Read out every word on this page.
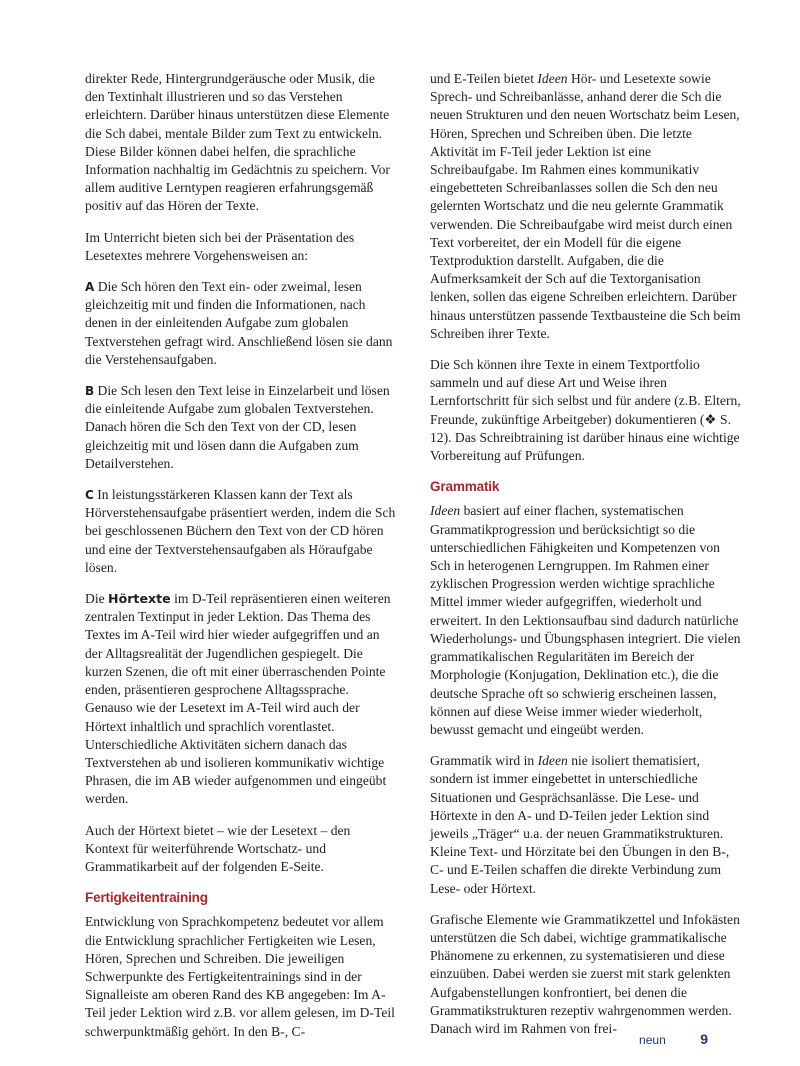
direkter Rede, Hintergrundgeräusche oder Musik, die den Textinhalt illustrieren und so das Verstehen erleichtern. Darüber hinaus unterstützen diese Elemente die Sch dabei, mentale Bilder zum Text zu entwickeln. Diese Bilder können dabei helfen, die sprachliche Information nachhaltig im Gedächtnis zu speichern. Vor allem auditive Lerntypen reagieren erfahrungsgemäß positiv auf das Hören der Texte.

Im Unterricht bieten sich bei der Präsentation des Lesetextes mehrere Vorgehensweisen an:

A Die Sch hören den Text ein- oder zweimal, lesen gleichzeitig mit und finden die Informationen, nach denen in der einleitenden Aufgabe zum globalen Textverstehen gefragt wird. Anschließend lösen sie dann die Verstehensaufgaben.

B Die Sch lesen den Text leise in Einzelarbeit und lösen die einleitende Aufgabe zum globalen Textverstehen. Danach hören die Sch den Text von der CD, lesen gleichzeitig mit und lösen dann die Aufgaben zum Detailverstehen.

C In leistungsstärkeren Klassen kann der Text als Hörverstehensaufgabe präsentiert werden, indem die Sch bei geschlossenen Büchern den Text von der CD hören und eine der Textverstehensaufgaben als Höraufgabe lösen.

Die Hörtexte im D-Teil repräsentieren einen weiteren zentralen Textinput in jeder Lektion. Das Thema des Textes im A-Teil wird hier wieder aufgegriffen und an der Alltagsrealität der Jugendlichen gespiegelt. Die kurzen Szenen, die oft mit einer überraschenden Pointe enden, präsentieren gesprochene Alltagssprache. Genauso wie der Lesetext im A-Teil wird auch der Hörtext inhaltlich und sprachlich vorentlastet. Unterschiedliche Aktivitäten sichern danach das Textverstehen ab und isolieren kommunikativ wichtige Phrasen, die im AB wieder aufgenommen und eingeübt werden.

Auch der Hörtext bietet – wie der Lesetext – den Kontext für weiterführende Wortschatz- und Grammatikarbeit auf der folgenden E-Seite.

Fertigkeitentraining

Entwicklung von Sprachkompetenz bedeutet vor allem die Entwicklung sprachlicher Fertigkeiten wie Lesen, Hören, Sprechen und Schreiben. Die jeweiligen Schwerpunkte des Fertigkeitentrainings sind in der Signalleiste am oberen Rand des KB angegeben: Im A-Teil jeder Lektion wird z.B. vor allem gelesen, im D-Teil schwerpunktmäßig gehört. In den B-, C-

und E-Teilen bietet Ideen Hör- und Lesetexte sowie Sprech- und Schreibanlässe, anhand derer die Sch die neuen Strukturen und den neuen Wortschatz beim Lesen, Hören, Sprechen und Schreiben üben. Die letzte Aktivität im F-Teil jeder Lektion ist eine Schreibaufgabe. Im Rahmen eines kommunikativ eingebetteten Schreibanlasses sollen die Sch den neu gelernten Wortschatz und die neu gelernte Grammatik verwenden. Die Schreibaufgabe wird meist durch einen Text vorbereitet, der ein Modell für die eigene Textproduktion darstellt. Aufgaben, die die Aufmerksamkeit der Sch auf die Textorganisation lenken, sollen das eigene Schreiben erleichtern. Darüber hinaus unterstützen passende Textbausteine die Sch beim Schreiben ihrer Texte.

Die Sch können ihre Texte in einem Textportfolio sammeln und auf diese Art und Weise ihren Lernfortschritt für sich selbst und für andere (z.B. Eltern, Freunde, zukünftige Arbeitgeber) dokumentieren (❖ S. 12). Das Schreibtraining ist darüber hinaus eine wichtige Vorbereitung auf Prüfungen.

Grammatik

Ideen basiert auf einer flachen, systematischen Grammatikprogression und berücksichtigt so die unterschiedlichen Fähigkeiten und Kompetenzen von Sch in heterogenen Lerngruppen. Im Rahmen einer zyklischen Progression werden wichtige sprachliche Mittel immer wieder aufgegriffen, wiederholt und erweitert. In den Lektionsaufbau sind dadurch natürliche Wiederholungs- und Übungsphasen integriert. Die vielen grammatikalischen Regularitäten im Bereich der Morphologie (Konjugation, Deklination etc.), die die deutsche Sprache oft so schwierig erscheinen lassen, können auf diese Weise immer wieder wiederholt, bewusst gemacht und eingeübt werden.

Grammatik wird in Ideen nie isoliert thematisiert, sondern ist immer eingebettet in unterschiedliche Situationen und Gesprächsanlässe. Die Lese- und Hörtexte in den A- und D-Teilen jeder Lektion sind jeweils „Träger“ u.a. der neuen Grammatikstrukturen. Kleine Text- und Hörzitate bei den Übungen in den B-, C- und E-Teilen schaffen die direkte Verbindung zum Lese- oder Hörtext.

Grafische Elemente wie Grammatikzettel und Infokästen unterstützen die Sch dabei, wichtige grammatikalische Phänomene zu erkennen, zu systematisieren und diese einzuüben. Dabei werden sie zuerst mit stark gelenkten Aufgabenstellungen konfrontiert, bei denen die Grammatikstrukturen rezeptiv wahrgenommen werden. Danach wird im Rahmen von frei-

neun 9
